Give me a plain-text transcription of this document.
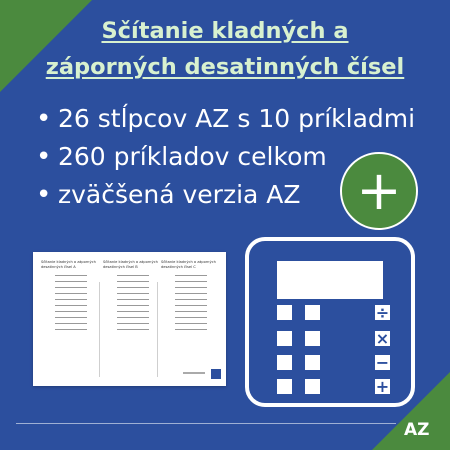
Sčítanie kladných a
záporných desatinných čísel
• 26 stĺpcov AZ s 10 príkladmi
• 260 príkladov celkom
• zväčšená verzia AZ	+
Sčítanie kladných a záporných desatinných čísel A
Sčítanie kladných a záporných desatinných čísel B
Sčítanie kladných a záporných desatinných čísel C
÷
×
−
+
AZ
